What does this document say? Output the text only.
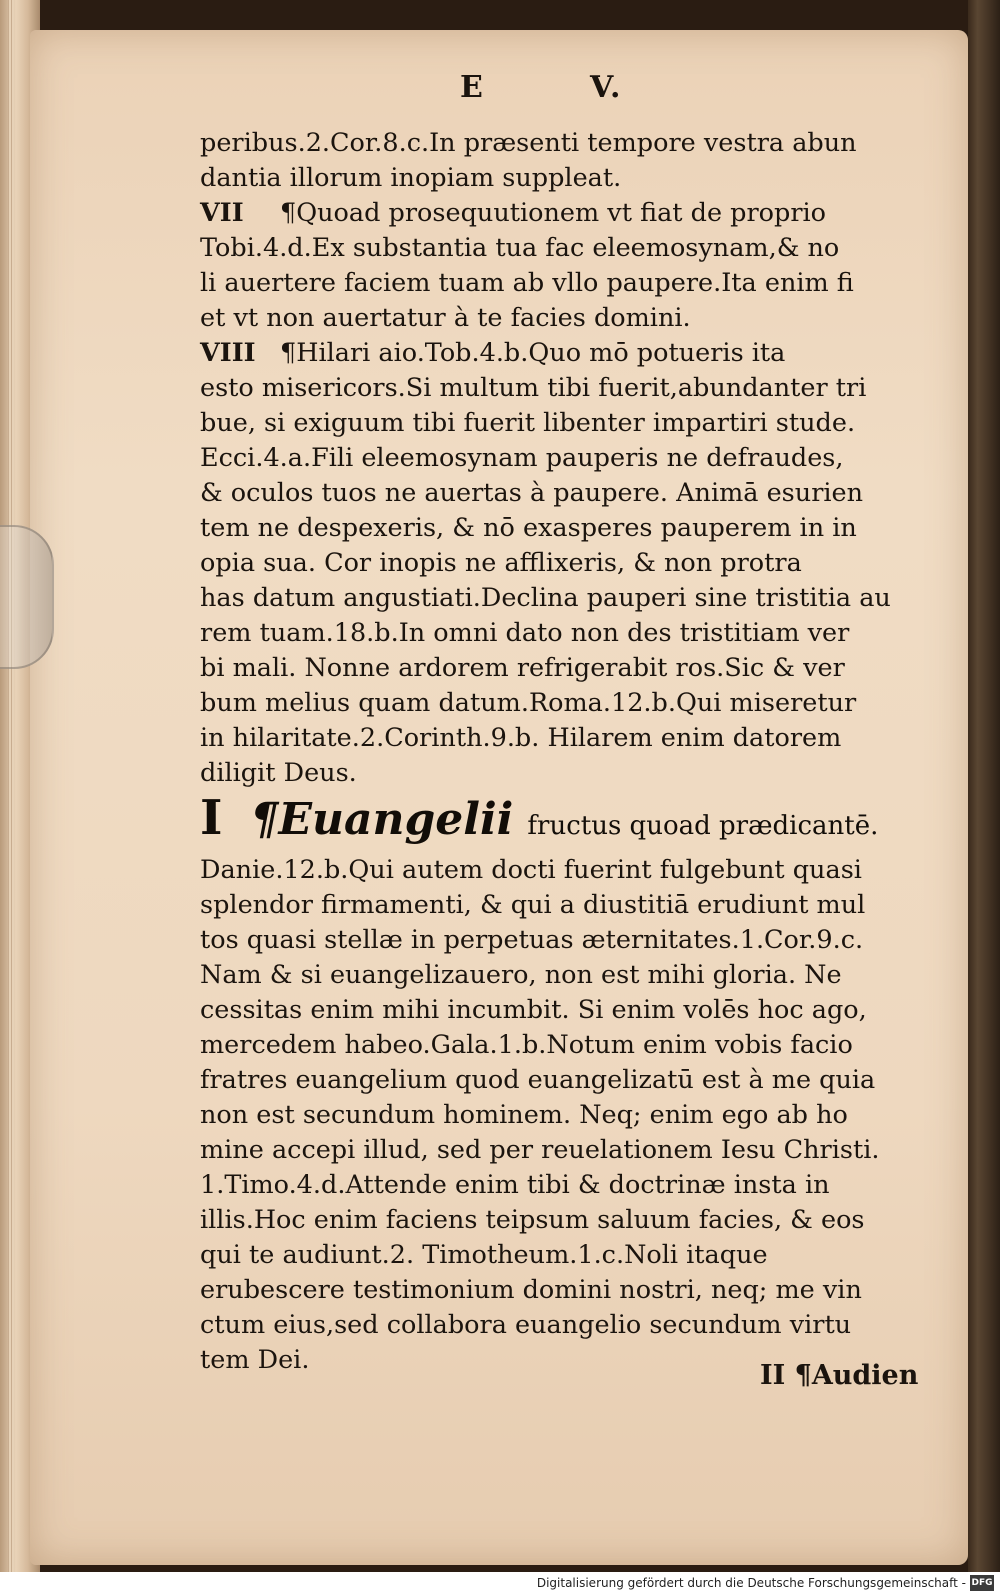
E	V.
peribus.2.Cor.8.c.In præsenti tempore vestra abun
dantia illorum inopiam suppleat.
VII ¶Quoad prosequutionem vt fiat de proprio
Tobi.4.d.Ex substantia tua fac eleemosynam,& no
li auertere faciem tuam ab vllo paupere.Ita enim fi
et vt non auertatur à te facies domini.
VIII ¶Hilari aio.Tob.4.b.Quo mō potueris ita
esto misericors.Si multum tibi fuerit,abundanter tri
bue, si exiguum tibi fuerit libenter impartiri stude.
Ecci.4.a.Fili eleemosynam pauperis ne defraudes,
& oculos tuos ne auertas à paupere. Animā esurien
tem ne despexeris, & nō exasperes pauperem in in
opia sua. Cor inopis ne afflixeris, & non protra
has datum angustiati.Declina pauperi sine tristitia au
rem tuam.18.b.In omni dato non des tristitiam ver
bi mali. Nonne ardorem refrigerabit ros.Sic & ver
bum melius quam datum.Roma.12.b.Qui miseretur
in hilaritate.2.Corinth.9.b. Hilarem enim datorem
diligit Deus.
I ¶Euangelii fructus quoad prædicantē.
Danie.12.b.Qui autem docti fuerint fulgebunt quasi
splendor firmamenti, & qui a diustitiā erudiunt mul
tos quasi stellæ in perpetuas æternitates.1.Cor.9.c.
Nam & si euangelizauero, non est mihi gloria. Ne
cessitas enim mihi incumbit. Si enim volēs hoc ago,
mercedem habeo.Gala.1.b.Notum enim vobis facio
fratres euangelium quod euangelizatū est à me quia
non est secundum hominem. Neq; enim ego ab ho
mine accepi illud, sed per reuelationem Iesu Christi.
1.Timo.4.d.Attende enim tibi & doctrinæ insta in
illis.Hoc enim faciens teipsum saluum facies, & eos
qui te audiunt.2. Timotheum.1.c.Noli itaque
erubescere testimonium domini nostri, neq; me vin
ctum eius,sed collabora euangelio secundum virtu
tem Dei.	II ¶Audien
Digitalisierung gefördert durch die Deutsche Forschungsgemeinschaft - DFG
